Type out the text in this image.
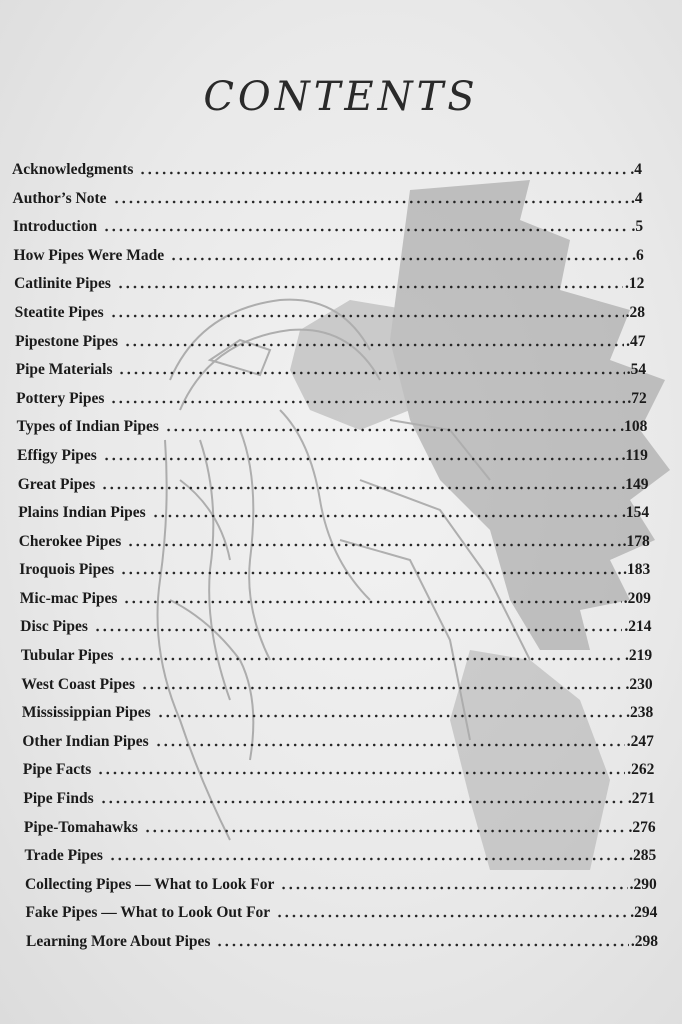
CONTENTS
Acknowledgments	.4
Author’s Note	.4
Introduction	.5
How Pipes Were Made	.6
Catlinite Pipes	.12
Steatite Pipes	.28
Pipestone Pipes	.47
Pipe Materials	.54
Pottery Pipes	.72
Types of Indian Pipes	.108
Effigy Pipes	.119
Great Pipes	.149
Plains Indian Pipes	.154
Cherokee Pipes	.178
Iroquois Pipes	.183
Mic-mac Pipes	.209
Disc Pipes	.214
Tubular Pipes	.219
West Coast Pipes	.230
Mississippian Pipes	.238
Other Indian Pipes	.247
Pipe Facts	.262
Pipe Finds	.271
Pipe-Tomahawks	.276
Trade Pipes	.285
Collecting Pipes — What to Look For	.290
Fake Pipes — What to Look Out For	.294
Learning More About Pipes	.298
